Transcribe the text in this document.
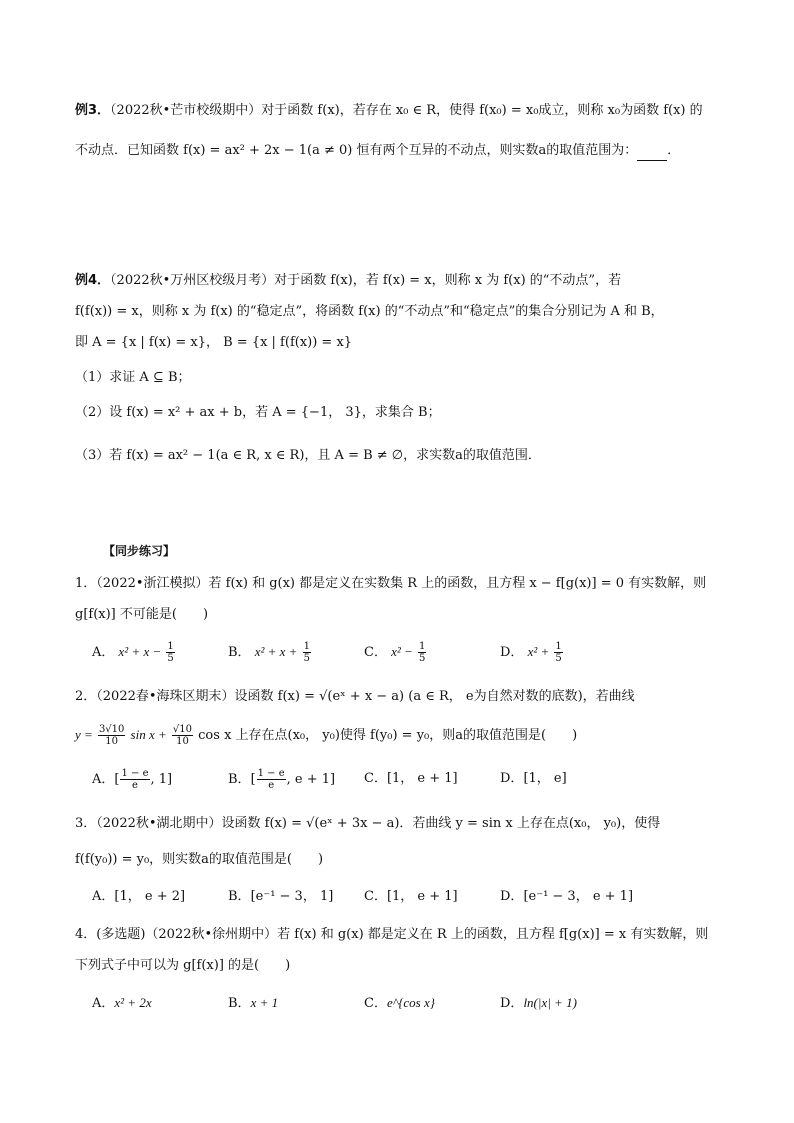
例3．（2022秋•芒市校级期中）对于函数 f(x)，若存在 x₀ ∈ R，使得 f(x₀) = x₀成立，则称 x₀为函数 f(x) 的
不动点．已知函数 f(x) = ax² + 2x − 1(a ≠ 0) 恒有两个互异的不动点，则实数a的取值范围为： ．
例4．（2022秋•万州区校级月考）对于函数 f(x)，若 f(x) = x，则称 x 为 f(x) 的“不动点”，若
f(f(x)) = x，则称 x 为 f(x) 的“稳定点”，将函数 f(x) 的“不动点”和“稳定点”的集合分别记为 A 和 B，
即 A = {x | f(x) = x}， B = {x | f(f(x)) = x}
（1）求证 A ⊆ B；
（2）设 f(x) = x² + ax + b，若 A = {−1， 3}，求集合 B；
（3）若 f(x) = ax² − 1(a ∈ R, x ∈ R)，且 A = B ≠ ∅，求实数a的取值范围．
【同步练习】
1．（2022•浙江模拟）若 f(x) 和 g(x) 都是定义在实数集 R 上的函数，且方程 x − f[g(x)] = 0 有实数解，则
g[f(x)] 不可能是(　　)
A． $x^2 + x - \frac{1}{5}$	B． $x^2 + x + \frac{1}{5}$	C． $x^2 - \frac{1}{5}$	D． $x^2 + \frac{1}{5}$
2．（2022春•海珠区期末）设函数 f(x) = √(eˣ + x − a) (a ∈ R， e为自然对数的底数)，若曲线
$y = \frac{3√10}{10}$ $\sin x + \frac{√10}{10}$ cos x 上存在点(x₀， y₀)使得 f(y₀) = y₀，则a的取值范围是(　　)
A．[ $\frac{1 - e}{e}$ , 1]	B．[ $\frac{1 - e}{e}$ , e + 1]	C．[1， e + 1]	D．[1， e]
3．（2022秋•湖北期中）设函数 f(x) = √(eˣ + 3x − a)．若曲线 y = sin x 上存在点(x₀， y₀)，使得
f(f(y₀)) = y₀，则实数a的取值范围是(　　)
A．[1， e + 2]	B．[e⁻¹ − 3， 1]	C．[1， e + 1]	D．[e⁻¹ − 3， e + 1]
4．(多选题)（2022秋•徐州期中）若 f(x) 和 g(x) 都是定义在 R 上的函数，且方程 f[g(x)] = x 有实数解，则
下列式子中可以为 g[f(x)] 的是(　　)
A．x² + 2x	B．x + 1	C．e^{cos x}	D．ln(|x| + 1)
